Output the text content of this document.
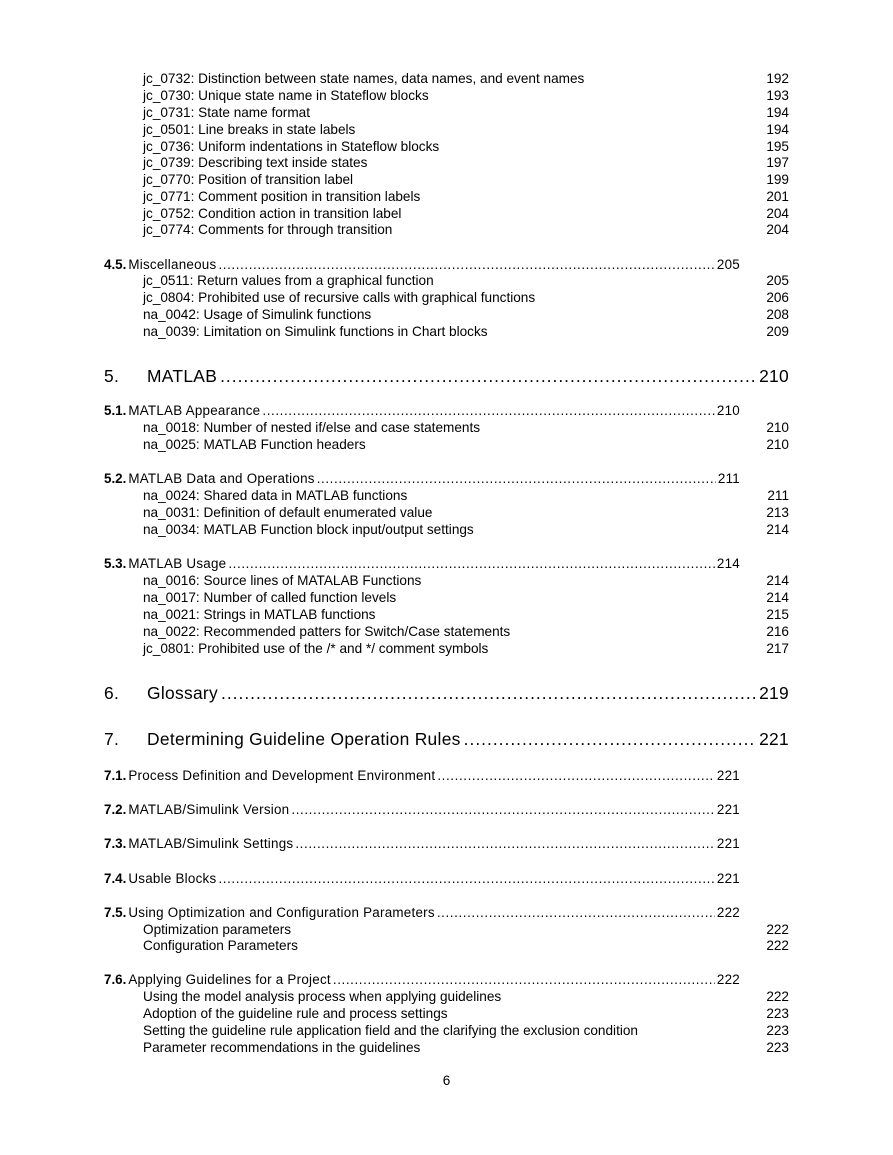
jc_0732: Distinction between state names, data names, and event names	192
jc_0730: Unique state name in Stateflow blocks	193
jc_0731: State name format	194
jc_0501: Line breaks in state labels	194
jc_0736: Uniform indentations in Stateflow blocks	195
jc_0739: Describing text inside states	197
jc_0770: Position of transition label	199
jc_0771: Comment position in transition labels	201
jc_0752: Condition action in transition label	204
jc_0774: Comments for through transition	204
4.5. Miscellaneous .....	205
jc_0511: Return values from a graphical function	205
jc_0804: Prohibited use of recursive calls with graphical functions	206
na_0042: Usage of Simulink functions	208
na_0039: Limitation on Simulink functions in Chart blocks	209
5.	MATLAB .....	210
5.1. MATLAB Appearance .....	210
na_0018: Number of nested if/else and case statements	210
na_0025: MATLAB Function headers	210
5.2. MATLAB Data and Operations .....	211
na_0024: Shared data in MATLAB functions	211
na_0031: Definition of default enumerated value	213
na_0034: MATLAB Function block input/output settings	214
5.3. MATLAB Usage .....	214
na_0016: Source lines of MATALAB Functions	214
na_0017: Number of called function levels	214
na_0021: Strings in MATLAB functions	215
na_0022: Recommended patters for Switch/Case statements	216
jc_0801: Prohibited use of the /* and */ comment symbols	217
6.	Glossary .....	219
7.	Determining Guideline Operation Rules .....	221
7.1. Process Definition and Development Environment .....	221
7.2. MATLAB/Simulink Version .....	221
7.3. MATLAB/Simulink Settings .....	221
7.4. Usable Blocks .....	221
7.5. Using Optimization and Configuration Parameters .....	222
Optimization parameters	222
Configuration Parameters	222
7.6. Applying Guidelines for a Project .....	222
Using the model analysis process when applying guidelines	222
Adoption of the guideline rule and process settings	223
Setting the guideline rule application field and the clarifying the exclusion condition	223
Parameter recommendations in the guidelines	223
6
